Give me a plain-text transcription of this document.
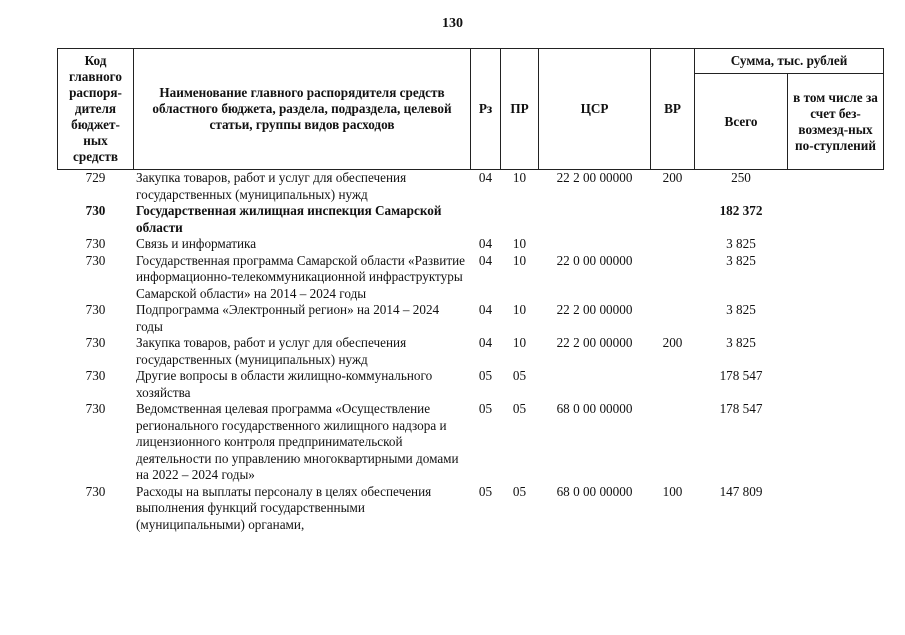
130
Код главного распоря-дителя бюджет-ных средств	Наименование главного распорядителя средств областного бюджета, раздела, подраздела, целевой статьи, группы видов расходов	Рз	ПР	ЦСР	ВР	Сумма, тыс. рублей	
						Всего	в том числе за счет без-возмезд-ных по-ступлений
729	Закупка товаров, работ и услуг для обеспечения государственных (муниципальных) нужд	04	10	22 2 00 00000	200	250	
730	Государственная жилищная инспекция Самарской области					182 372	
730	Связь и информатика	04	10			3 825	
730	Государственная программа Самарской области «Развитие информационно-телекоммуникационной инфраструктуры Самарской области» на 2014 – 2024 годы	04	10	22 0 00 00000		3 825	
730	Подпрограмма «Электронный регион» на 2014 – 2024 годы	04	10	22 2 00 00000		3 825	
730	Закупка товаров, работ и услуг для обеспечения государственных (муниципальных) нужд	04	10	22 2 00 00000	200	3 825	
730	Другие вопросы в области жилищно-коммунального хозяйства	05	05			178 547	
730	Ведомственная целевая программа «Осуществление регионального государственного жилищного надзора и лицензионного контроля предпринимательской деятельности по управлению многоквартирными домами на 2022 – 2024 годы»	05	05	68 0 00 00000		178 547	
730	Расходы на выплаты персоналу в целях обеспечения выполнения функций государственными (муниципальными) органами,	05	05	68 0 00 00000	100	147 809	
